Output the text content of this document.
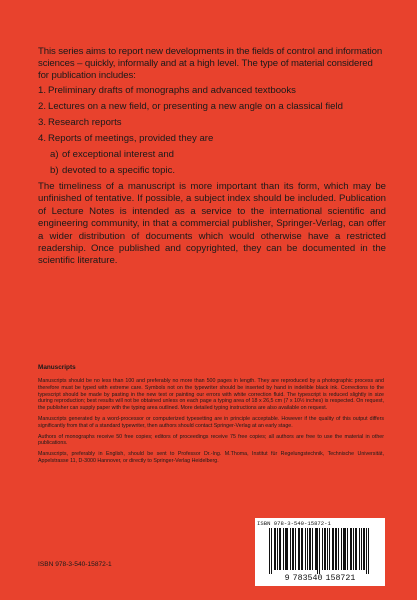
This series aims to report new developments in the fields of control and information sciences – quickly, informally and at a high level. The type of material considered for publication includes:

1. Preliminary drafts of monographs and advanced textbooks
2. Lectures on a new field, or presenting a new angle on a classical field
3. Research reports
4. Reports of meetings, provided they are
a) of exceptional interest and
b) devoted to a specific topic.

The timeliness of a manuscript is more important than its form, which may be unfinished of tentative. If possible, a subject index should be included. Publication of Lecture Notes is intended as a service to the international scientific and engineering community, in that a commercial publisher, Springer-Verlag, can offer a wider distribution of documents which would otherwise have a restricted readership. Once published and copyrighted, they can be documented in the scientific literature.

Manuscripts

Manuscripts should be no less than 100 and preferably no more than 500 pages in length. They are reproduced by a photographic process and therefore must be typed with extreme care. Symbols not on the typewriter should be inserted by hand in indelible black ink. Corrections to the typescript should be made by pasting in the new text or painting our errors with white correction fluid. The typescript is reduced slightly in size during reproduction; best results will not be obtained unless on each page a typing area of 18 x 26,5 cm (7 x 10½ inches) is respected. On request, the publisher can supply paper with the typing area outlined. More detailed typing instructions are also available on request.

Manuscripts generated by a word-processor or computerized typesetting are in principle acceptable. However if the quality of this output differs significantly from that of a standard typewriter, then authors should contact Springer-Verlag at an early stage.

Authors of monographs receive 50 free copies; editors of proceedings receive 75 free copies; all authors are free to use the material in other publications.

Manuscripts, preferably in English, should be sent to Professor Dr.-Ing. M.Thoma, Institut für Regelungstechnik, Technische Universität, Appelstrasse 11, D-3000 Hannover, or directly to Springer-Verlag Heidelberg.

ISBN 978-3-540-15872-1
9 783540 158721
ISBN 978-3-540-15872-1
